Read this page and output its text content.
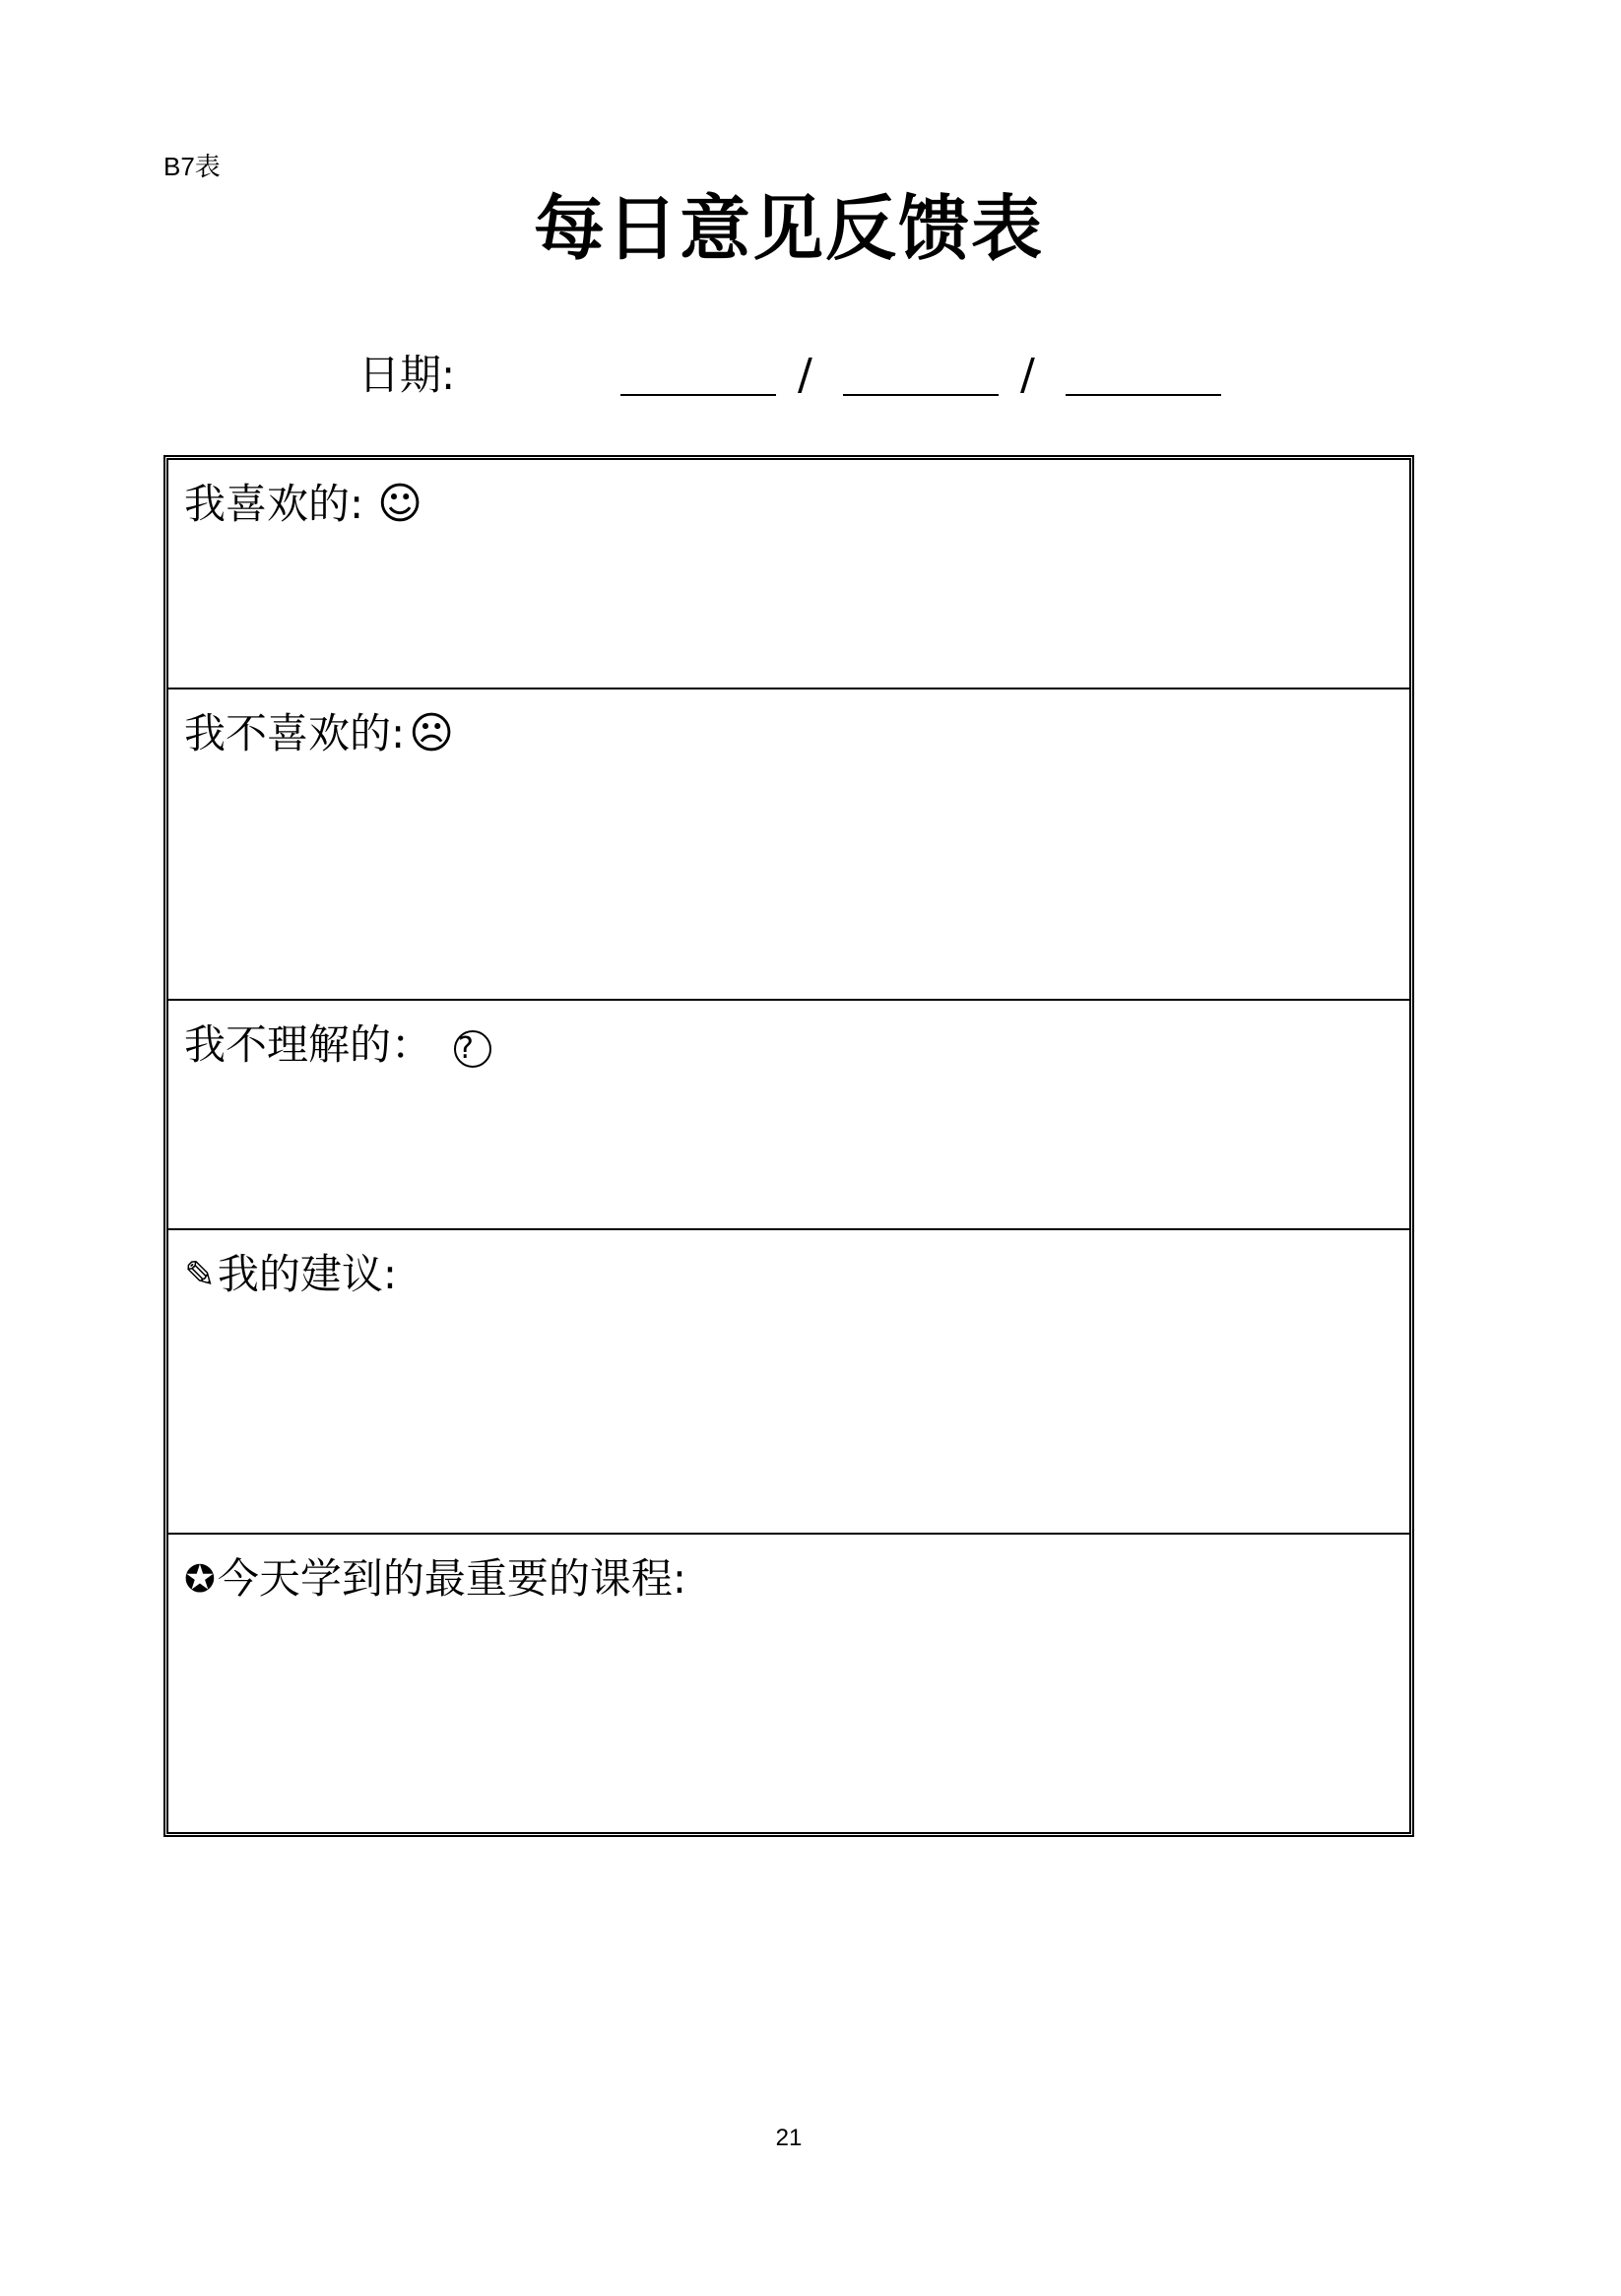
B7表
每日意见反馈表
日期:	/	/
我喜欢的: ☺
我不喜欢的: ☹
我不理解的： ?
✎ 我的建议:
✪ 今天学到的最重要的课程:
21
